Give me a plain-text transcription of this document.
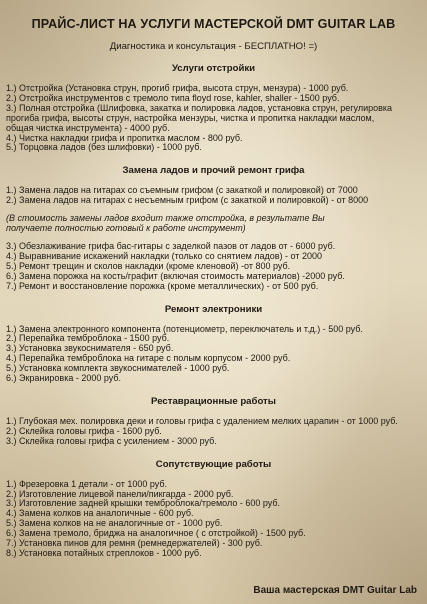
ПРАЙС-ЛИСТ НА УСЛУГИ МАСТЕРСКОЙ DMT GUITAR LAB
Диагностика и консультация - БЕСПЛАТНО! =)
Услуги отстройки
1.) Отстройка (Установка струн, прогиб грифа, высота струн, мензура) - 1000 руб.
2.) Отстройка инструментов с тремоло типа floyd rose, kahler, shaller - 1500 руб.
3.) Полная отстройка (Шлифовка, закатка и полировка ладов, установка струн, регулировка
прогиба грифа, высоты струн, настройка мензуры, чистка и пропитка накладки маслом,
общая чистка инструмента) - 4000 руб.
4.) Чистка накладки грифа и пропитка маслом - 800 руб.
5.) Торцовка ладов (без шлифовки) - 1000 руб.
Замена ладов и прочий ремонт грифа
1.) Замена ладов на гитарах со съемным грифом (с закаткой и полировкой) от 7000
2.) Замена ладов на гитарах с несъемным грифом (с закаткой и полировкой) - от 8000
(В стоимость замены ладов входит также отстройка, в результате Вы
получаете полностью готовый к работе инструмент)
3.) Обезлаживание грифа бас-гитары с заделкой пазов от ладов от - 6000 руб.
4.) Выравнивание искажений накладки (только со снятием ладов) - от 2000
5.) Ремонт трещин и сколов накладки (кроме кленовой) -от 800 руб.
6.) Замена порожка на кость/графит (включая стоимость материалов) -2000 руб.
7.) Ремонт и восстановление порожка (кроме металлических) - от 500 руб.
Ремонт электроники
1.) Замена электронного компонента (потенциометр, переключатель и т.д.) - 500 руб.
2.) Перепайка темброблока - 1500 руб.
3.) Установка звукоснимателя - 650 руб.
4.) Перепайка темброблока на гитаре с полым корпусом - 2000 руб.
5.) Установка комплекта звукоснимателей - 1000 руб.
6.) Экранировка - 2000 руб.
Реставрационные работы
1.) Глубокая мех. полировка деки и головы грифа с удалением мелких царапин - от 1000 руб.
2.) Склейка головы грифа - 1600 руб.
3.) Склейка головы грифа с усилением - 3000 руб.
Сопутствующие работы
1.) Фрезеровка 1 детали - от 1000 руб.
2.) Изготовление лицевой панели/пикгарда - 2000 руб.
3.) Изготовление задней крышки темброблока/тремоло - 600 руб.
4.) Замена колков на аналогичные - 600 руб.
5.) Замена колков на не аналогичные от - 1000 руб.
6.) Замена тремоло, бриджа на аналогичное ( с отстройкой) - 1500 руб.
7.) Установка пинов для ремня (ремнедержателей) - 300 руб.
8.) Установка потайных стреплоков - 1000 руб.
Ваша мастерская DMT Guitar Lab
